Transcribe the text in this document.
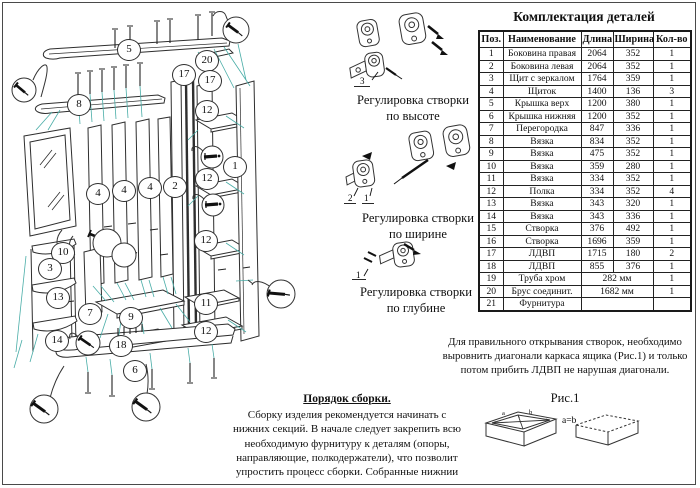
5
8
20
17	17
12
1
2
4	4	4
12
12
10
3
13
7
14
9
18
6
11
12
3
Регулировка створки
по высоте
2 1
Регулировка створки
по ширине
1
Регулировка створки
по глубине
Комплектация деталей
Поз.	Наименование	Длина	Ширина	Кол-во
1	Боковина правая	2064	352	1
2	Боковина левая	2064	352	1
3	Щит с зеркалом	1764	359	1
4	Щиток	1400	136	3
5	Крышка верх	1200	380	1
6	Крышка нижняя	1200	352	1
7	Перегородка	847	336	1
8	Вязка	834	352	1
9	Вязка	475	352	1
10	Вязка	359	280	1
11	Вязка	334	352	1
12	Полка	334	352	4
13	Вязка	343	320	1
14	Вязка	343	336	1
15	Створка	376	492	1
16	Створка	1696	359	1
17	ЛДВП	1715	180	2
18	ЛДВП	855	376	1
19	Труба хром	282 мм		1
20	Брус соединит.	1682 мм		1
21	Фурнитура			
Для правильного открывания створок, необходимо выровнить диагонали каркаса ящика (Рис.1) и только потом прибить ЛДВП не нарушая диагонали.
Рис.1
a	b
a=b
Порядок сборки.
Сборку изделия рекомендуется начинать с нижних секций. В начале следует закрепить всю необходимую фурнитуру к деталям (опоры, направляющие, полкодержатели), что позволит упростить процесс сборки. Собранные нижнии
